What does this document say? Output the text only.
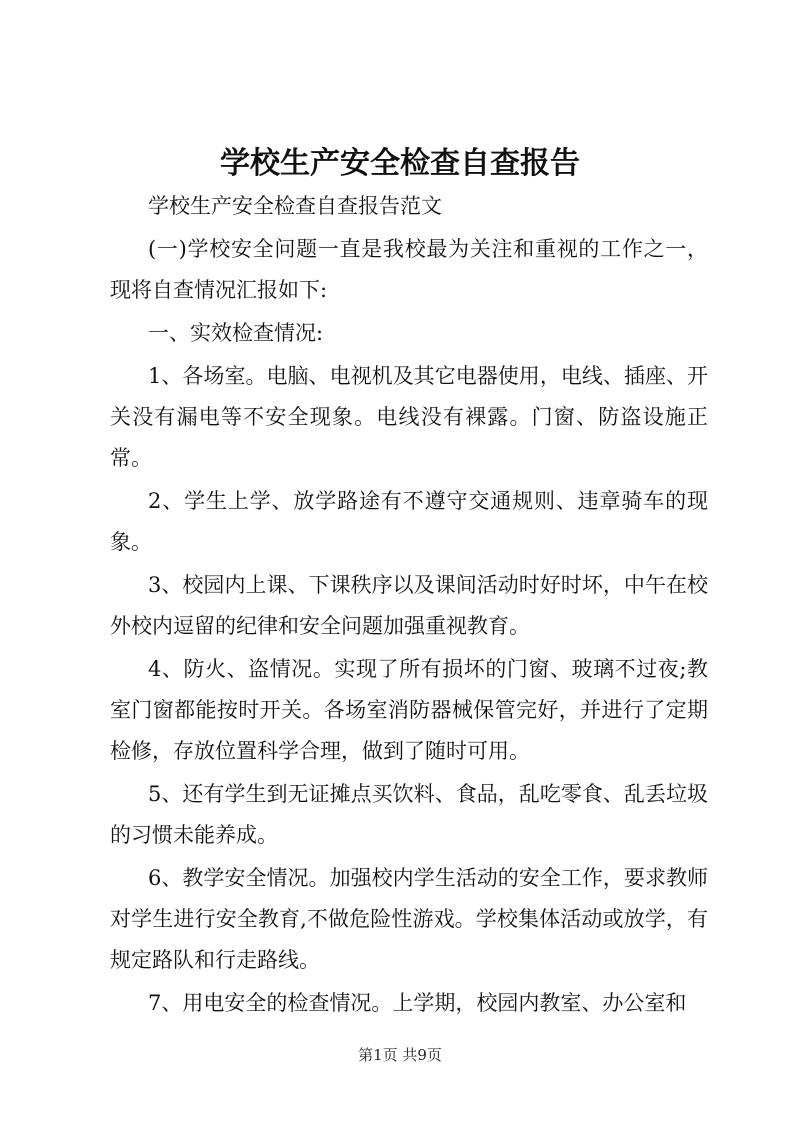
学校生产安全检查自查报告

学校生产安全检查自查报告范文

(一)学校安全问题一直是我校最为关注和重视的工作之一，现将自查情况汇报如下:

一、实效检查情况:

1、各场室。电脑、电视机及其它电器使用，电线、插座、开关没有漏电等不安全现象。电线没有裸露。门窗、防盗设施正常。

2、学生上学、放学路途有不遵守交通规则、违章骑车的现象。

3、校园内上课、下课秩序以及课间活动时好时坏，中午在校外校内逗留的纪律和安全问题加强重视教育。

4、防火、盗情况。实现了所有损坏的门窗、玻璃不过夜;教室门窗都能按时开关。各场室消防器械保管完好，并进行了定期检修，存放位置科学合理，做到了随时可用。

5、还有学生到无证摊点买饮料、食品，乱吃零食、乱丢垃圾的习惯未能养成。

6、教学安全情况。加强校内学生活动的安全工作，要求教师对学生进行安全教育,不做危险性游戏。学校集体活动或放学，有规定路队和行走路线。

7、用电安全的检查情况。上学期，校园内教室、办公室和

第1页 共9页
